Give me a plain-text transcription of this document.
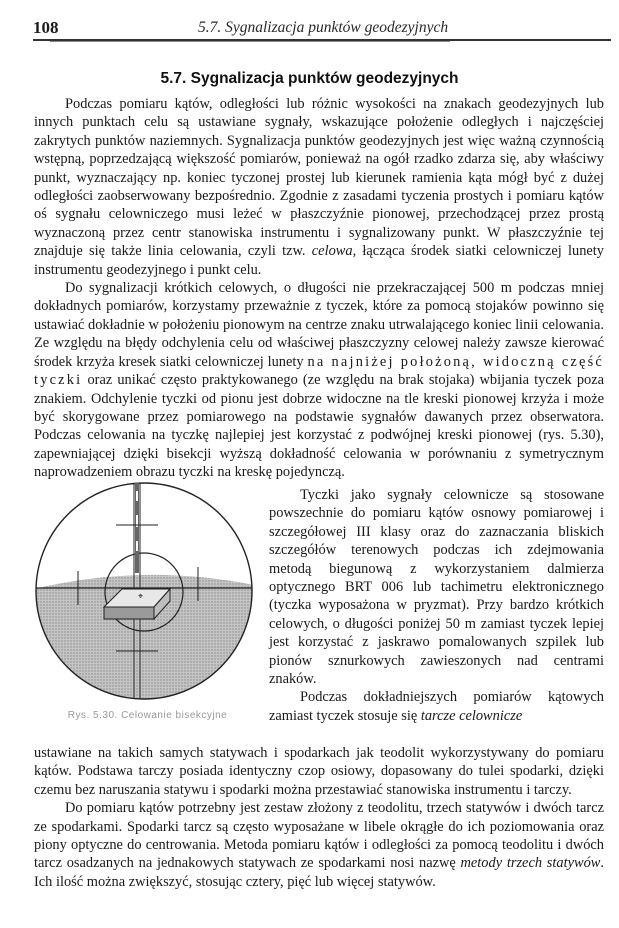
108	5.7. Sygnalizacja punktów geodezyjnych
5.7. Sygnalizacja punktów geodezyjnych

Podczas pomiaru kątów, odległości lub różnic wysokości na znakach geodezyjnych lub innych punktach celu są ustawiane sygnały, wskazujące położenie odległych i najczęściej zakrytych punktów naziemnych. Sygnalizacja punktów geodezyjnych jest więc ważną czynnością wstępną, poprzedzającą większość pomiarów, ponieważ na ogół rzadko zdarza się, aby właściwy punkt, wyznaczający np. koniec tyczonej prostej lub kierunek ramienia kąta mógł być z dużej odległości zaobserwowany bezpośrednio. Zgodnie z zasadami tyczenia prostych i pomiaru kątów oś sygnału celowniczego musi leżeć w płaszczyźnie pionowej, przechodzącej przez prostą wyznaczoną przez centr stanowiska instrumentu i sygnalizowany punkt. W płaszczyźnie tej znajduje się także linia celowania, czyli tzw. celowa, łącząca środek siatki celowniczej lunety instrumentu geodezyjnego i punkt celu.

Do sygnalizacji krótkich celowych, o długości nie przekraczającej 500 m podczas mniej dokładnych pomiarów, korzystamy przeważnie z tyczek, które za pomocą stojaków powinno się ustawiać dokładnie w położeniu pionowym na centrze znaku utrwalającego koniec linii celowania. Ze względu na błędy odchylenia celu od właściwej płaszczyzny celowej należy zawsze kierować środek krzyża kresek siatki celowniczej lunety na najniżej położoną, widoczną część tyczki oraz unikać często praktykowanego (ze względu na brak stojaka) wbijania tyczek poza znakiem. Odchylenie tyczki od pionu jest dobrze widoczne na tle kreski pionowej krzyża i może być skorygowane przez pomiarowego na podstawie sygnałów dawanych przez obserwatora. Podczas celowania na tyczkę najlepiej jest korzystać z podwójnej kreski pionowej (rys. 5.30), zapewniającej dzięki bisekcji wyższą dokładność celowania w porównaniu z symetrycznym naprowadzeniem obrazu tyczki na kreskę pojedynczą.

⌖
Rys. 5.30. Celowanie bisekcyjne

Tyczki jako sygnały celownicze są stosowane powszechnie do pomiaru kątów osnowy pomiarowej i szczegółowej III klasy oraz do zaznaczania bliskich szczegółów terenowych podczas ich zdejmowania metodą biegunową z wykorzystaniem dalmierza optycznego BRT 006 lub tachimetru elektronicznego (tyczka wyposażona w pryzmat). Przy bardzo krótkich celowych, o długości poniżej 50 m zamiast tyczek lepiej jest korzystać z jaskrawo pomalowanych szpilek lub pionów sznurkowych zawieszonych nad centrami znaków.

Podczas dokładniejszych pomiarów kątowych zamiast tyczek stosuje się tarcze celownicze

ustawiane na takich samych statywach i spodarkach jak teodolit wykorzystywany do pomiaru kątów. Podstawa tarczy posiada identyczny czop osiowy, dopasowany do tulei spodarki, dzięki czemu bez naruszania statywu i spodarki można przestawiać stanowiska instrumentu i tarczy.

Do pomiaru kątów potrzebny jest zestaw złożony z teodolitu, trzech statywów i dwóch tarcz ze spodarkami. Spodarki tarcz są często wyposażane w libele okrągłe do ich poziomowania oraz piony optyczne do centrowania. Metoda pomiaru kątów i odległości za pomocą teodolitu i dwóch tarcz osadzanych na jednakowych statywach ze spodarkami nosi nazwę metody trzech statywów. Ich ilość można zwiększyć, stosując cztery, pięć lub więcej statywów.
